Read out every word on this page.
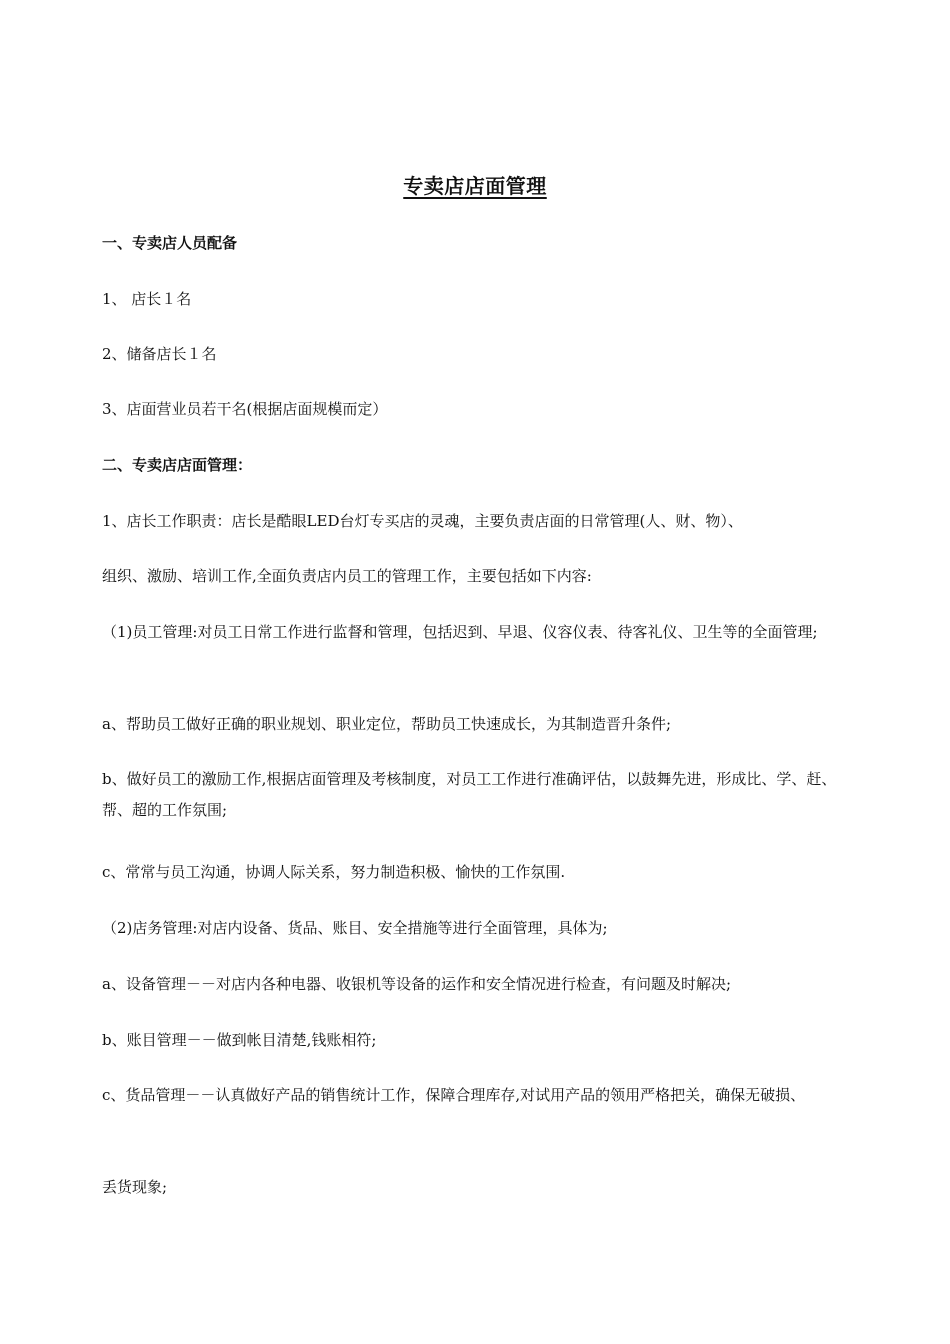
专卖店店面管理
一、专卖店人员配备
1、 店长１名
2、储备店长１名
3、店面营业员若干名(根据店面规模而定）
二、专卖店店面管理：
1、店长工作职责：店长是酷眼LED台灯专买店的灵魂，主要负责店面的日常管理(人、财、物）、
组织、激励、培训工作,全面负责店内员工的管理工作，主要包括如下内容:
（1)员工管理:对员工日常工作进行监督和管理，包括迟到、早退、仪容仪表、待客礼仪、卫生等的全面管理;
a、帮助员工做好正确的职业规划、职业定位，帮助员工快速成长，为其制造晋升条件;
b、做好员工的激励工作,根据店面管理及考核制度，对员工工作进行准确评估，以鼓舞先进，形成比、学、赶、帮、超的工作氛围;
c、常常与员工沟通，协调人际关系，努力制造积极、愉快的工作氛围.
（2)店务管理:对店内设备、货品、账目、安全措施等进行全面管理，具体为;
a、设备管理－－对店内各种电器、收银机等设备的运作和安全情况进行检查，有问题及时解决;
b、账目管理－－做到帐目清楚,钱账相符;
c、货品管理－－认真做好产品的销售统计工作，保障合理库存,对试用产品的领用严格把关，确保无破损、
丢货现象;
